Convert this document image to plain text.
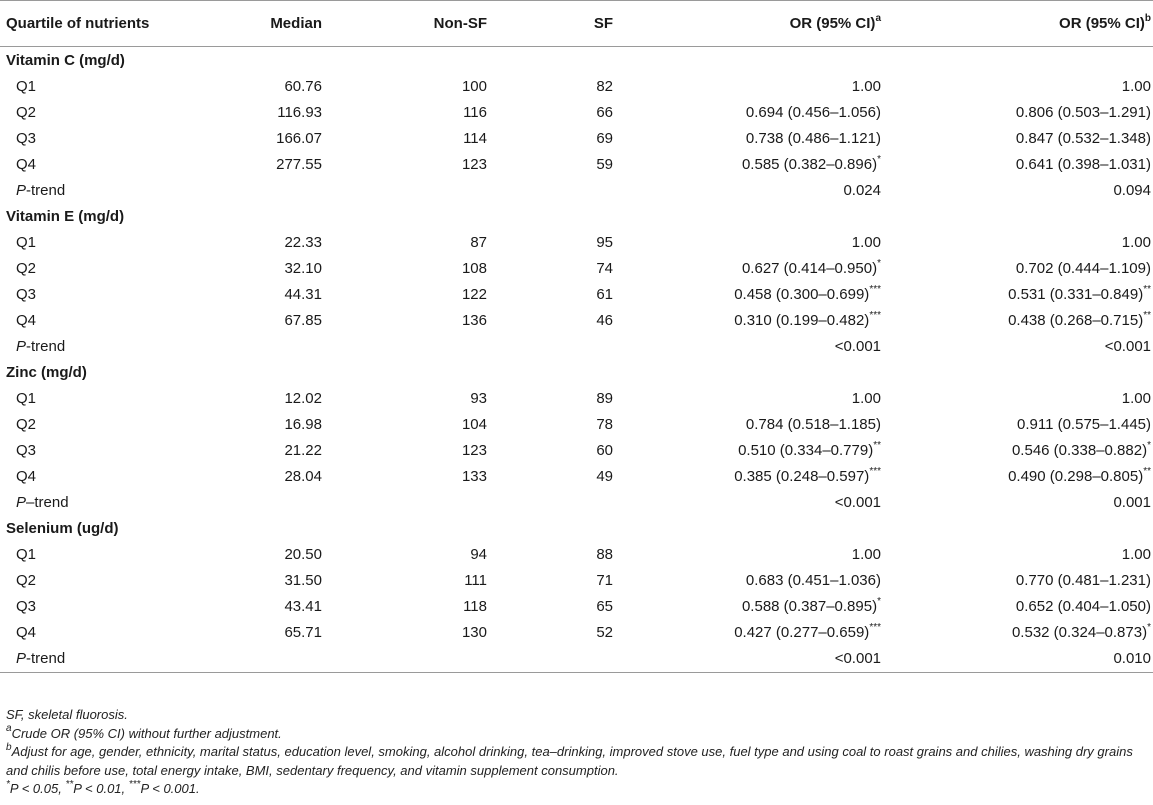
Quartile of nutrients	Median	Non-SF	SF	OR (95% CI)$^a$	OR (95% CI)$^b$
Vitamin C (mg/d)					
Q1	60.76	100	82	1.00	1.00
Q2	116.93	116	66	0.694 (0.456–1.056)	0.806 (0.503–1.291)
Q3	166.07	114	69	0.738 (0.486–1.121)	0.847 (0.532–1.348)
Q4	277.55	123	59	0.585 (0.382–0.896)*	0.641 (0.398–1.031)
P-trend				0.024	0.094
Vitamin E (mg/d)					
Q1	22.33	87	95	1.00	1.00
Q2	32.10	108	74	0.627 (0.414–0.950)*	0.702 (0.444–1.109)
Q3	44.31	122	61	0.458 (0.300–0.699)***	0.531 (0.331–0.849)**
Q4	67.85	136	46	0.310 (0.199–0.482)***	0.438 (0.268–0.715)**
P-trend				<0.001	<0.001
Zinc (mg/d)					
Q1	12.02	93	89	1.00	1.00
Q2	16.98	104	78	0.784 (0.518–1.185)	0.911 (0.575–1.445)
Q3	21.22	123	60	0.510 (0.334–0.779)**	0.546 (0.338–0.882)*
Q4	28.04	133	49	0.385 (0.248–0.597)***	0.490 (0.298–0.805)**
P–trend				<0.001	0.001
Selenium (ug/d)					
Q1	20.50	94	88	1.00	1.00
Q2	31.50	111	71	0.683 (0.451–1.036)	0.770 (0.481–1.231)
Q3	43.41	118	65	0.588 (0.387–0.895)*	0.652 (0.404–1.050)
Q4	65.71	130	52	0.427 (0.277–0.659)***	0.532 (0.324–0.873)*
P-trend				<0.001	0.010
SF, skeletal fluorosis.
$^a$Crude OR (95% CI) without further adjustment.
$^b$Adjust for age, gender, ethnicity, marital status, education level, smoking, alcohol drinking, tea–drinking, improved stove use, fuel type and using coal to roast grains and chilies, washing dry grains and chilis before use, total energy intake, BMI, sedentary frequency, and vitamin supplement consumption.
*P < 0.05, **P < 0.01, ***P < 0.001.
